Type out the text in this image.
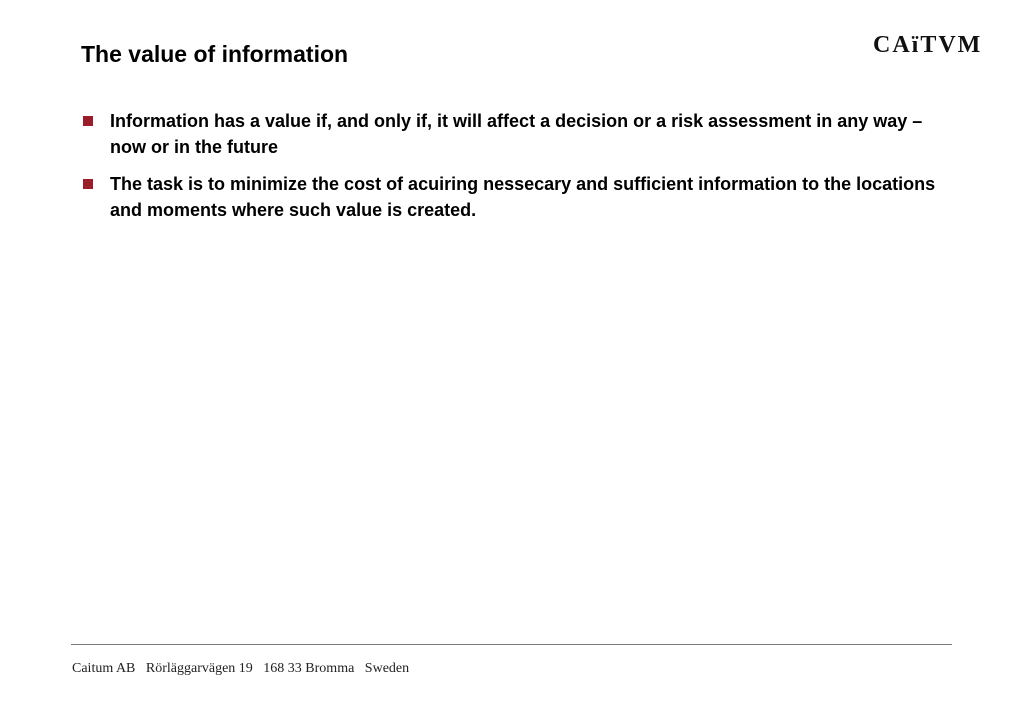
The value of information	CAïTVM
Information has a value if, and only if, it will affect a decision or a risk assessment in any way – now or in the future
The task is to minimize the cost of acuiring nessecary and sufficient information to the locations and moments where such value is created.
Caitum AB   Rörläggarvägen 19   168 33 Bromma   Sweden
